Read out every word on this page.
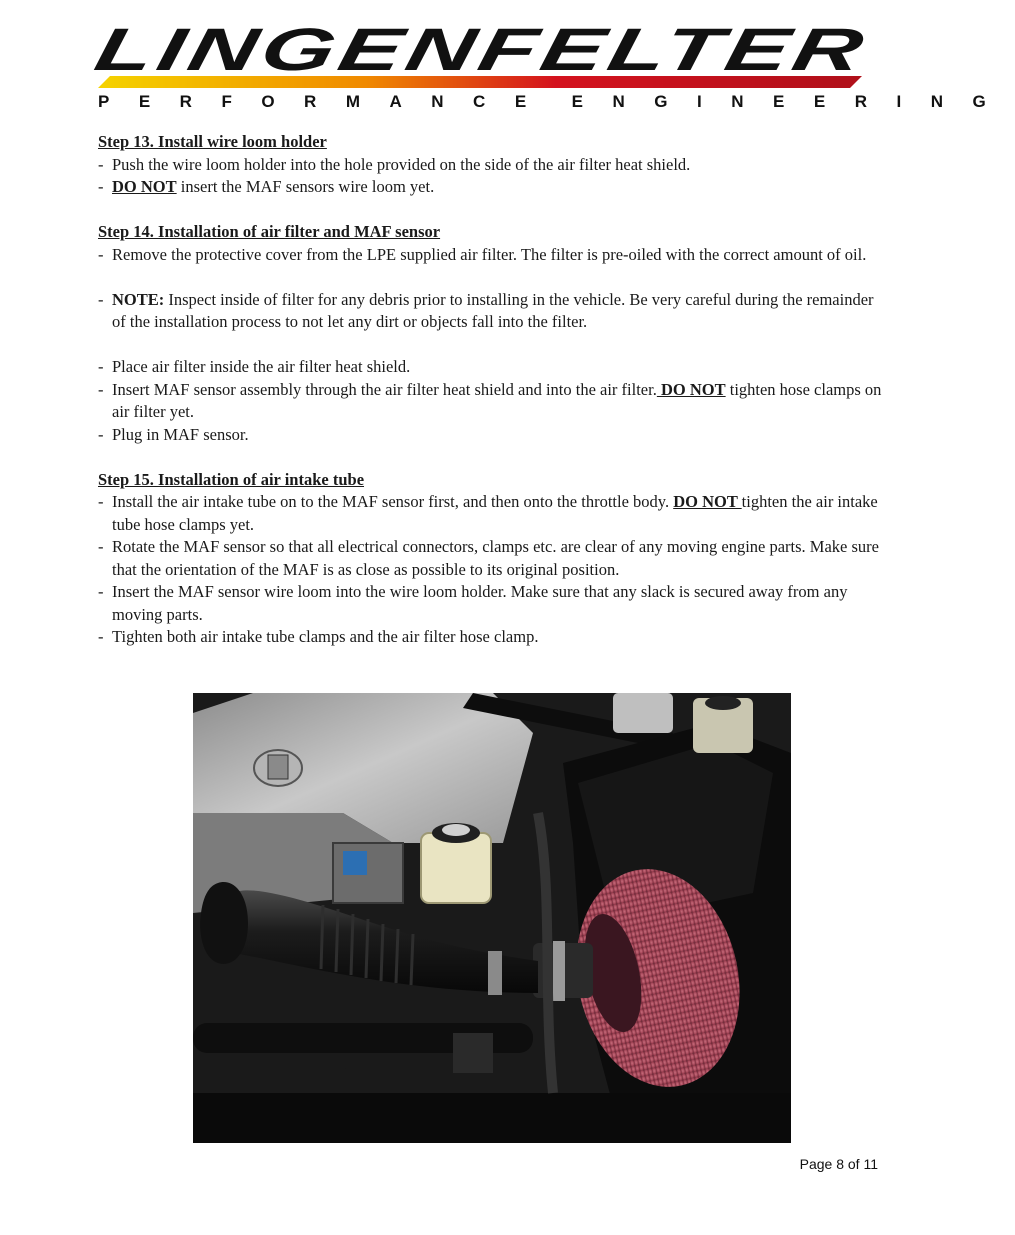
LINGENFELTER
PERFORMANCE ENGINEERING

Step 13. Install wire loom holder

- Push the wire loom holder into the hole provided on the side of the air filter heat shield.

- DO NOT insert the MAF sensors wire loom yet.

Step 14. Installation of air filter and MAF sensor

- Remove the protective cover from the LPE supplied air filter. The filter is pre-oiled with the correct amount of oil.

- NOTE: Inspect inside of filter for any debris prior to installing in the vehicle. Be very careful during the remainder of the installation process to not let any dirt or objects fall into the filter.

- Place air filter inside the air filter heat shield.

- Insert MAF sensor assembly through the air filter heat shield and into the air filter. DO NOT tighten hose clamps on air filter yet.

- Plug in MAF sensor.

Step 15. Installation of air intake tube

- Install the air intake tube on to the MAF sensor first, and then onto the throttle body. DO NOT tighten the air intake tube hose clamps yet.

- Rotate the MAF sensor so that all electrical connectors, clamps etc. are clear of any moving engine parts. Make sure that the orientation of the MAF is as close as possible to its original position.

- Insert the MAF sensor wire loom into the wire loom holder. Make sure that any slack is secured away from any moving parts.

- Tighten both air intake tube clamps and the air filter hose clamp.

Page 8 of 11
